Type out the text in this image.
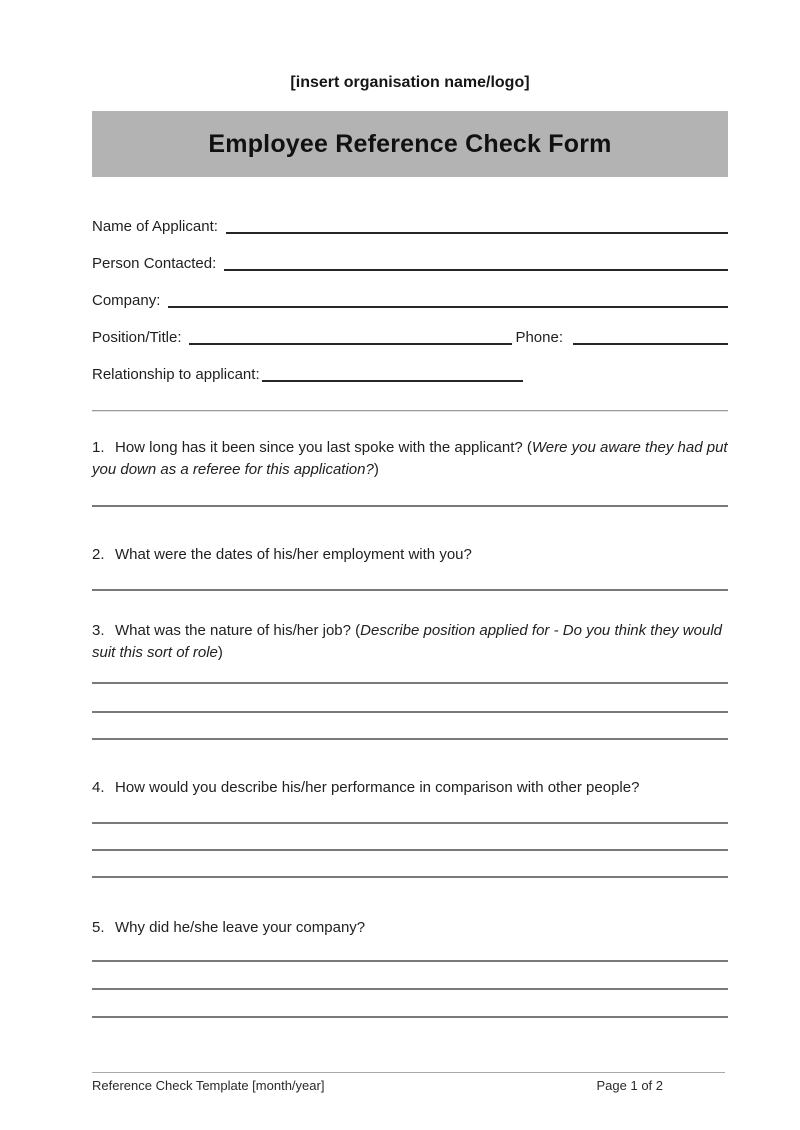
[insert organisation name/logo]
Employee Reference Check Form
Name of Applicant:
Person Contacted:
Company:
Position/Title:	Phone:
Relationship to applicant:
1. How long has it been since you last spoke with the applicant? (Were you aware they had put you down as a referee for this application?)
2. What were the dates of his/her employment with you?
3. What was the nature of his/her job? (Describe position applied for - Do you think they would suit this sort of role)
4. How would you describe his/her performance in comparison with other people?
5. Why did he/she leave your company?
Reference Check Template [month/year]	Page 1 of 2
